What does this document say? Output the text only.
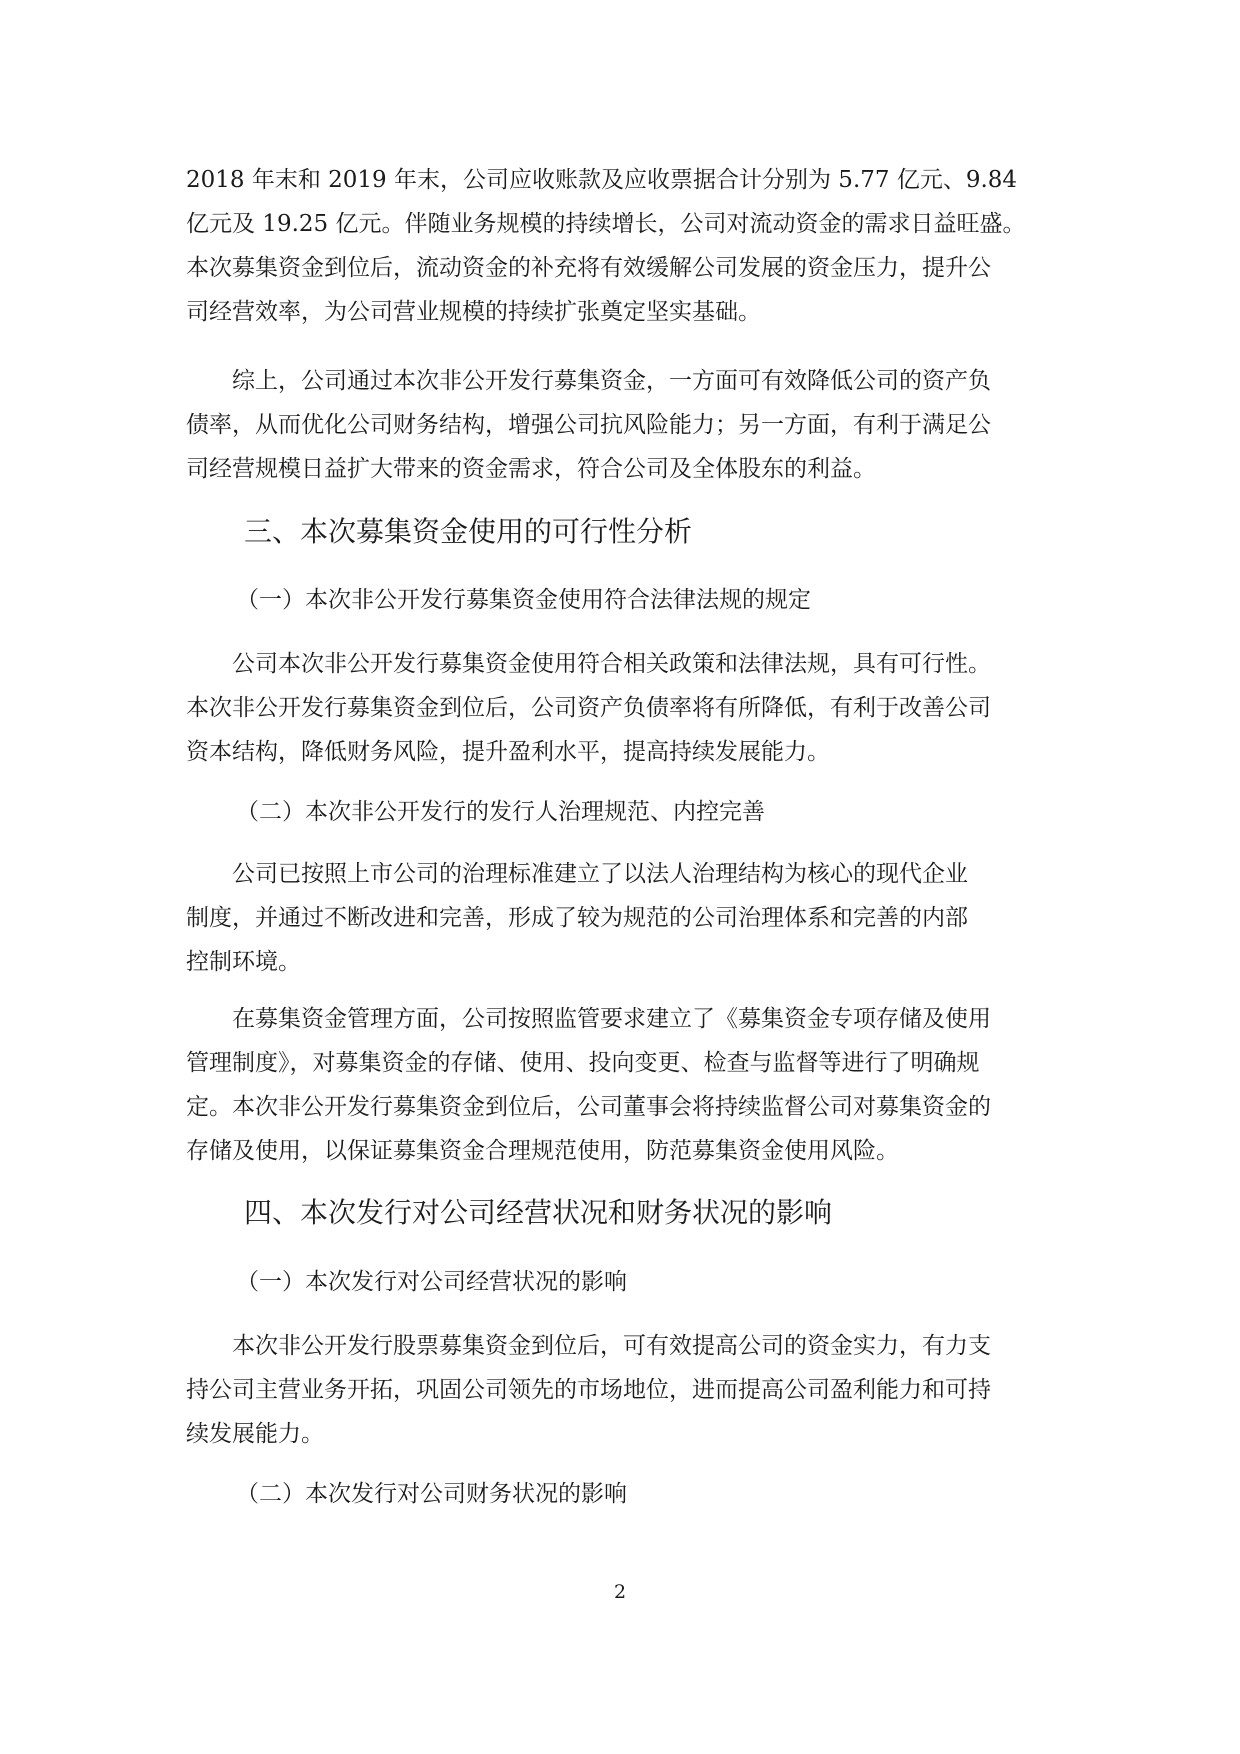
2018 年末和 2019 年末，公司应收账款及应收票据合计分别为 5.77 亿元、9.84
亿元及 19.25 亿元。伴随业务规模的持续增长，公司对流动资金的需求日益旺盛。
本次募集资金到位后，流动资金的补充将有效缓解公司发展的资金压力，提升公
司经营效率，为公司营业规模的持续扩张奠定坚实基础。
综上，公司通过本次非公开发行募集资金，一方面可有效降低公司的资产负
债率，从而优化公司财务结构，增强公司抗风险能力；另一方面，有利于满足公
司经营规模日益扩大带来的资金需求，符合公司及全体股东的利益。
三、本次募集资金使用的可行性分析
（一）本次非公开发行募集资金使用符合法律法规的规定
公司本次非公开发行募集资金使用符合相关政策和法律法规，具有可行性。
本次非公开发行募集资金到位后，公司资产负债率将有所降低，有利于改善公司
资本结构，降低财务风险，提升盈利水平，提高持续发展能力。
（二）本次非公开发行的发行人治理规范、内控完善
公司已按照上市公司的治理标准建立了以法人治理结构为核心的现代企业
制度，并通过不断改进和完善，形成了较为规范的公司治理体系和完善的内部
控制环境。
在募集资金管理方面，公司按照监管要求建立了《募集资金专项存储及使用
管理制度》，对募集资金的存储、使用、投向变更、检查与监督等进行了明确规
定。本次非公开发行募集资金到位后，公司董事会将持续监督公司对募集资金的
存储及使用，以保证募集资金合理规范使用，防范募集资金使用风险。
四、本次发行对公司经营状况和财务状况的影响
（一）本次发行对公司经营状况的影响
本次非公开发行股票募集资金到位后，可有效提高公司的资金实力，有力支
持公司主营业务开拓，巩固公司领先的市场地位，进而提高公司盈利能力和可持
续发展能力。
（二）本次发行对公司财务状况的影响
2
